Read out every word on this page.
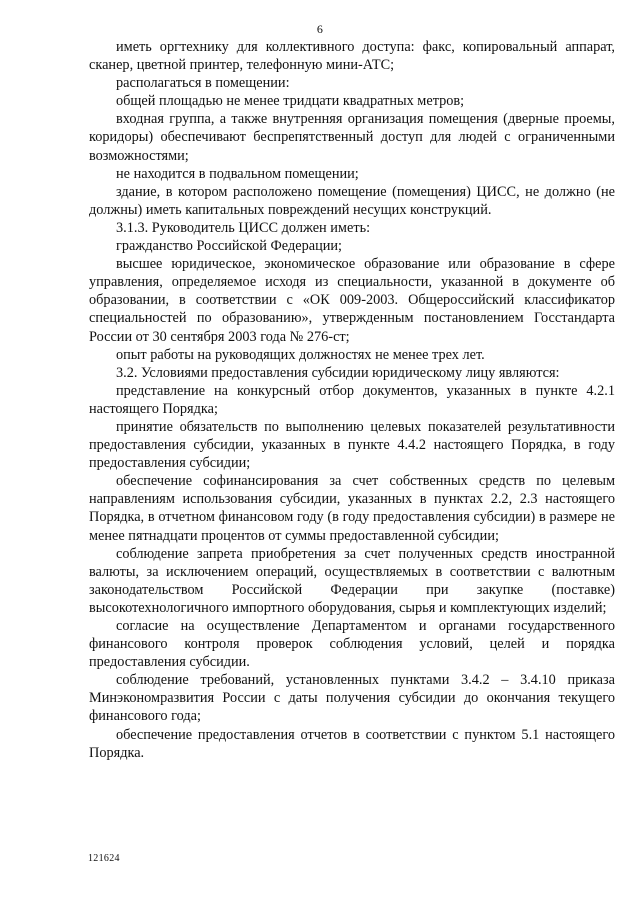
6

иметь оргтехнику для коллективного доступа: факс, копировальный аппарат, сканер, цветной принтер, телефонную мини-АТС;

располагаться в помещении:

общей площадью не менее тридцати квадратных метров;

входная группа, а также внутренняя организация помещения (дверные проемы, коридоры) обеспечивают беспрепятственный доступ для людей с ограниченными возможностями;

не находится в подвальном помещении;

здание, в котором расположено помещение (помещения) ЦИСС, не должно (не должны) иметь капитальных повреждений несущих конструкций.

3.1.3. Руководитель ЦИСС должен иметь:

гражданство Российской Федерации;

высшее юридическое, экономическое образование или образование в сфере управления, определяемое исходя из специальности, указанной в документе об образовании, в соответствии с «ОК 009-2003. Общероссийский классификатор специальностей по образованию», утвержденным постановлением Госстандарта России от 30 сентября 2003 года № 276-ст;

опыт работы на руководящих должностях не менее трех лет.

3.2. Условиями предоставления субсидии юридическому лицу являются:

представление на конкурсный отбор документов, указанных в пункте 4.2.1 настоящего Порядка;

принятие обязательств по выполнению целевых показателей результативности предоставления субсидии, указанных в пункте 4.4.2 настоящего Порядка, в году предоставления субсидии;

обеспечение софинансирования за счет собственных средств по целевым направлениям использования субсидии, указанных в пунктах 2.2, 2.3 настоящего Порядка, в отчетном финансовом году (в году предоставления субсидии) в размере не менее пятнадцати процентов от суммы предоставленной субсидии;

соблюдение запрета приобретения за счет полученных средств иностранной валюты, за исключением операций, осуществляемых в соответствии с валютным законодательством Российской Федерации при закупке (поставке) высокотехнологичного импортного оборудования, сырья и комплектующих изделий;

согласие на осуществление Департаментом и органами государственного финансового контроля проверок соблюдения условий, целей и порядка предоставления субсидии.

соблюдение требований, установленных пунктами 3.4.2 – 3.4.10 приказа Минэкономразвития России с даты получения субсидии до окончания текущего финансового года;

обеспечение предоставления отчетов в соответствии с пунктом 5.1 настоящего Порядка.

121624
